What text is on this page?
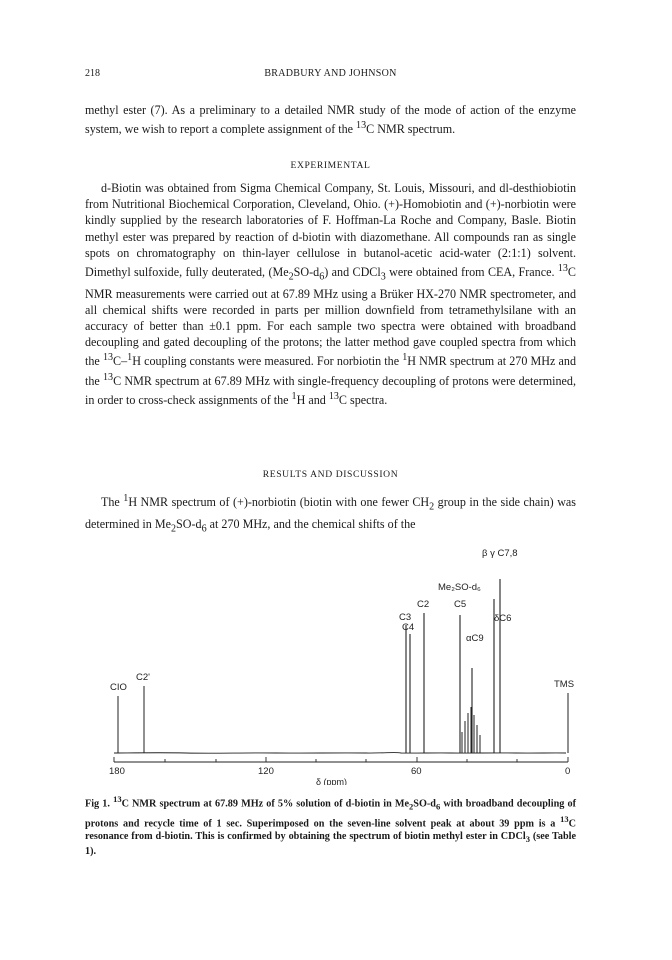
218	BRADBURY AND JOHNSON
methyl ester (7). As a preliminary to a detailed NMR study of the mode of action of the enzyme system, we wish to report a complete assignment of the $^{13}$C NMR spectrum.
EXPERIMENTAL
d-Biotin was obtained from Sigma Chemical Company, St. Louis, Missouri, and dl-desthiobiotin from Nutritional Biochemical Corporation, Cleveland, Ohio. (+)-Homobiotin and (+)-norbiotin were kindly supplied by the research laboratories of F. Hoffman-La Roche and Company, Basle. Biotin methyl ester was prepared by reaction of d-biotin with diazomethane. All compounds ran as single spots on chromatography on thin-layer cellulose in butanol-acetic acid-water (2:1:1) solvent. Dimethyl sulfoxide, fully deuterated, $(Me_2SO-d_6)$ and CDCl$_3$ were obtained from CEA, France. $^{13}$C NMR measurements were carried out at 67.89 MHz using a Brüker HX-270 NMR spectrometer, and all chemical shifts were recorded in parts per million downfield from tetramethylsilane with an accuracy of better than ±0.1 ppm. For each sample two spectra were obtained with broadband decoupling and gated decoupling of the protons; the latter method gave coupled spectra from which the $^{13}$C–$^1$H coupling constants were measured. For norbiotin the $^1$H NMR spectrum at 270 MHz and the $^{13}$C NMR spectrum at 67.89 MHz with single-frequency decoupling of protons were determined, in order to cross-check assignments of the $^1$H and $^{13}$C spectra.
RESULTS AND DISCUSSION
The $^1$H NMR spectrum of (+)-norbiotin (biotin with one fewer $CH_2$ group in the side chain) was determined in $Me_2SO-d_6$ at 270 MHz, and the chemical shifts of the
β γ C7,8
Me₂SO-d₆
C2	C5
C3
C4
δC6
αC9
C2'
CIO	TMS
180	120	60	0
δ (ppm)
Fig 1. $^{13}$C NMR spectrum at 67.89 MHz of 5% solution of d-biotin in $Me_2SO-d_6$ with broadband decoupling of protons and recycle time of 1 sec. Superimposed on the seven-line solvent peak at about 39 ppm is a $^{13}$C resonance from d-biotin. This is confirmed by obtaining the spectrum of biotin methyl ester in CDCl$_3$ (see Table 1).
